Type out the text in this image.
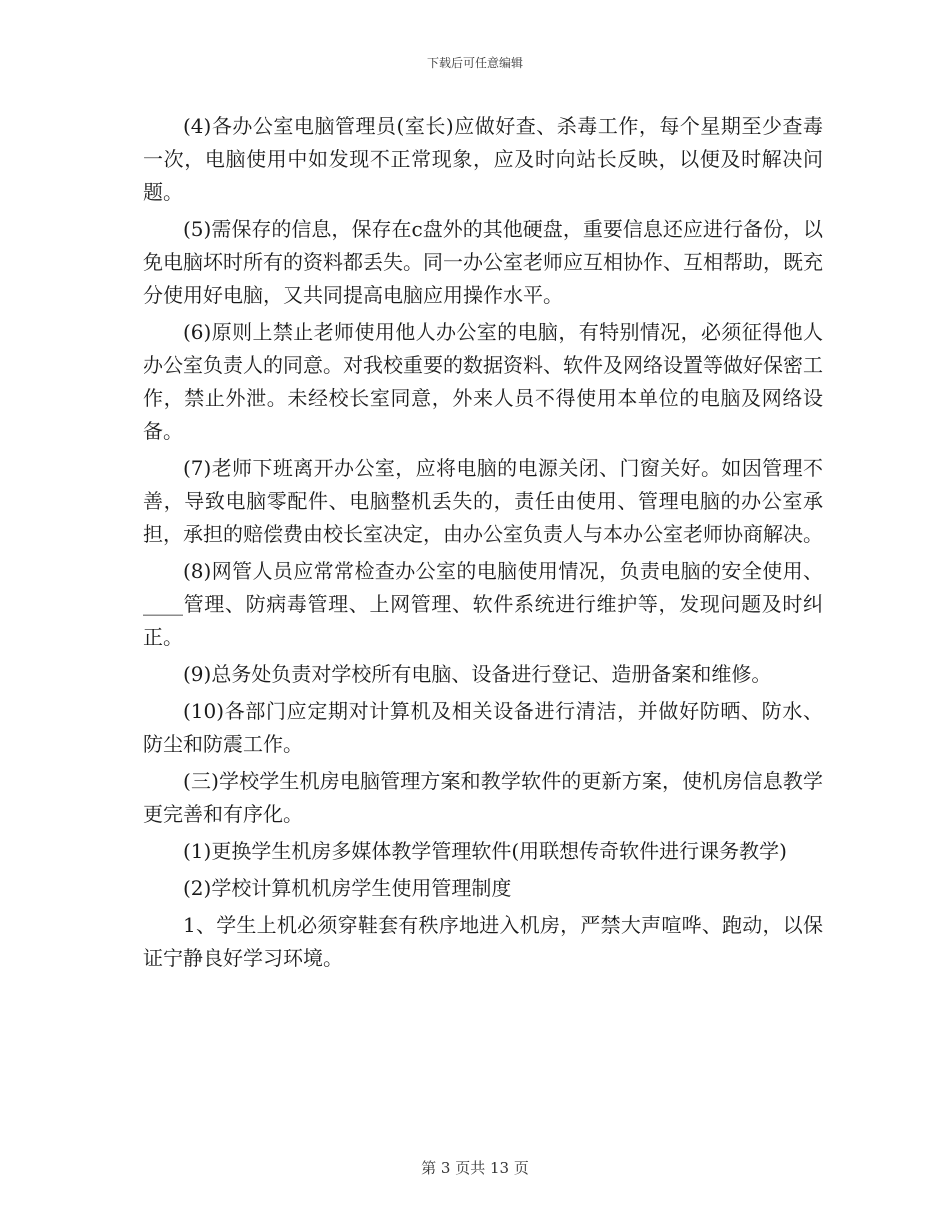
下载后可任意编辑

(4)各办公室电脑管理员(室长)应做好查、杀毒工作，每个星期至少查毒一次，电脑使用中如发现不正常现象，应及时向站长反映，以便及时解决问题。

(5)需保存的信息，保存在c盘外的其他硬盘，重要信息还应进行备份，以免电脑坏时所有的资料都丢失。同一办公室老师应互相协作、互相帮助，既充分使用好电脑，又共同提高电脑应用操作水平。

(6)原则上禁止老师使用他人办公室的电脑，有特别情况，必须征得他人办公室负责人的同意。对我校重要的数据资料、软件及网络设置等做好保密工作，禁止外泄。未经校长室同意，外来人员不得使用本单位的电脑及网络设备。

(7)老师下班离开办公室，应将电脑的电源关闭、门窗关好。如因管理不善，导致电脑零配件、电脑整机丢失的，责任由使用、管理电脑的办公室承担，承担的赔偿费由校长室决定，由办公室负责人与本办公室老师协商解决。

(8)网管人员应常常检查办公室的电脑使用情况，负责电脑的安全使用、____管理、防病毒管理、上网管理、软件系统进行维护等，发现问题及时纠正。

(9)总务处负责对学校所有电脑、设备进行登记、造册备案和维修。

(10)各部门应定期对计算机及相关设备进行清洁，并做好防晒、防水、防尘和防震工作。

(三)学校学生机房电脑管理方案和教学软件的更新方案，使机房信息教学更完善和有序化。

(1)更换学生机房多媒体教学管理软件(用联想传奇软件进行课务教学)

(2)学校计算机机房学生使用管理制度

1、学生上机必须穿鞋套有秩序地进入机房，严禁大声喧哗、跑动，以保证宁静良好学习环境。

第 3 页共 13 页
